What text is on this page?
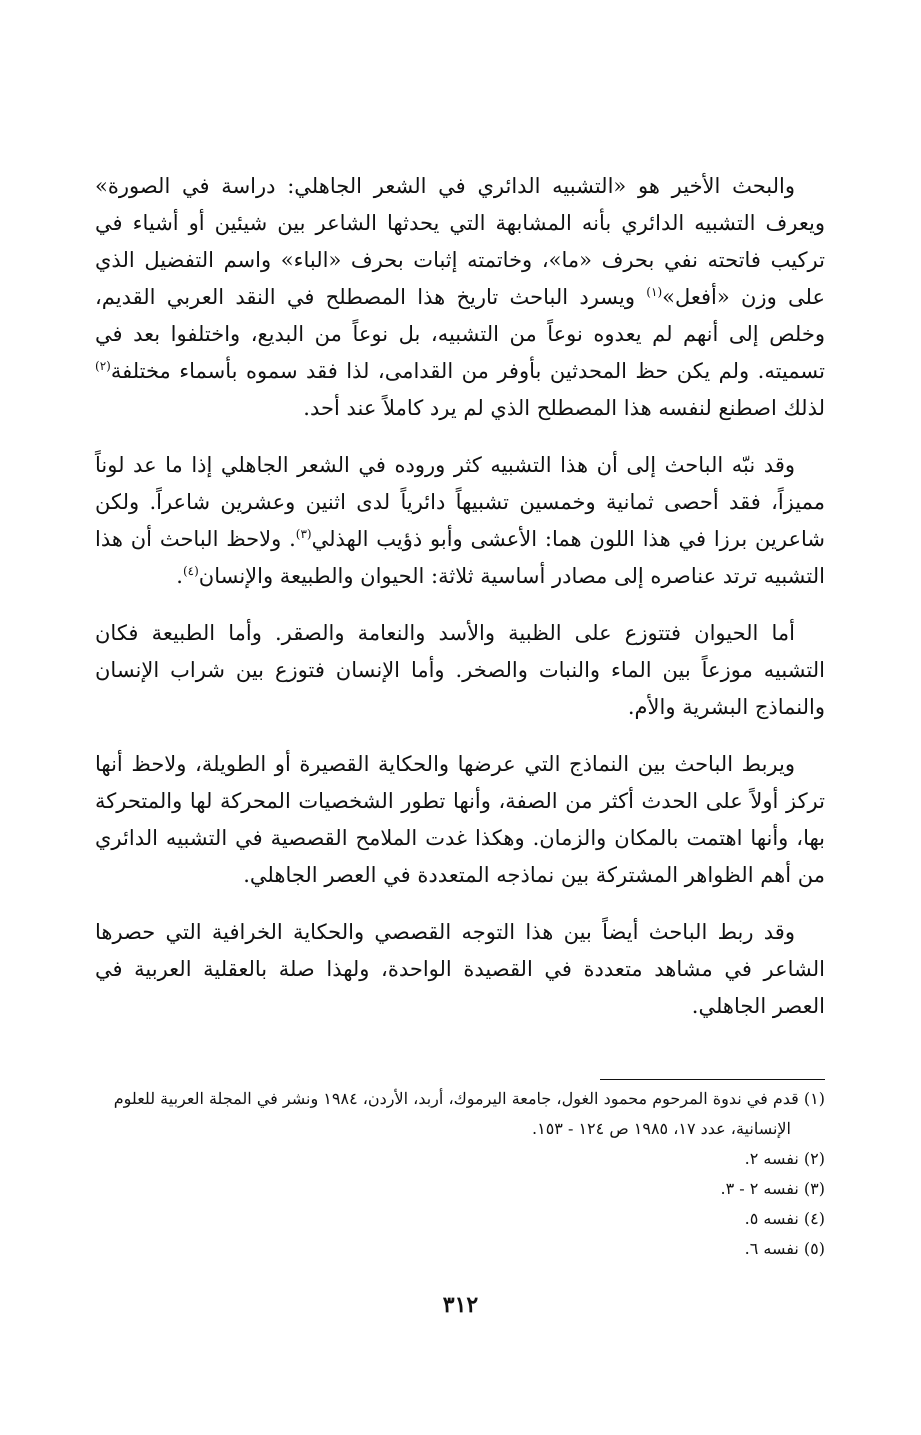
والبحث الأخير هو «التشبيه الدائري في الشعر الجاهلي: دراسة في الصورة» ويعرف التشبيه الدائري بأنه المشابهة التي يحدثها الشاعر بين شيئين أو أشياء في تركيب فاتحته نفي بحرف «ما»، وخاتمته إثبات بحرف «الباء» واسم التفضيل الذي على وزن «أفعل»$^{(١)}$ ويسرد الباحث تاريخ هذا المصطلح في النقد العربي القديم، وخلص إلى أنهم لم يعدوه نوعاً من التشبيه، بل نوعاً من البديع، واختلفوا بعد في تسميته. ولم يكن حظ المحدثين بأوفر من القدامى، لذا فقد سموه بأسماء مختلفة$^{(٢)}$ لذلك اصطنع لنفسه هذا المصطلح الذي لم يرد كاملاً عند أحد.

وقد نبّه الباحث إلى أن هذا التشبيه كثر وروده في الشعر الجاهلي إذا ما عد لوناً مميزاً، فقد أحصى ثمانية وخمسين تشبيهاً دائرياً لدى اثنين وعشرين شاعراً. ولكن شاعرين برزا في هذا اللون هما: الأعشى وأبو ذؤيب الهذلي$^{(٣)}$. ولاحظ الباحث أن هذا التشبيه ترتد عناصره إلى مصادر أساسية ثلاثة: الحيوان والطبيعة والإنسان$^{(٤)}$.

أما الحيوان فتتوزع على الظبية والأسد والنعامة والصقر. وأما الطبيعة فكان التشبيه موزعاً بين الماء والنبات والصخر. وأما الإنسان فتوزع بين شراب الإنسان والنماذج البشرية والأم.

ويربط الباحث بين النماذج التي عرضها والحكاية القصيرة أو الطويلة، ولاحظ أنها تركز أولاً على الحدث أكثر من الصفة، وأنها تطور الشخصيات المحركة لها والمتحركة بها، وأنها اهتمت بالمكان والزمان. وهكذا غدت الملامح القصصية في التشبيه الدائري من أهم الظواهر المشتركة بين نماذجه المتعددة في العصر الجاهلي.

وقد ربط الباحث أيضاً بين هذا التوجه القصصي والحكاية الخرافية التي حصرها الشاعر في مشاهد متعددة في القصيدة الواحدة، ولهذا صلة بالعقلية العربية في العصر الجاهلي.

(١) قدم في ندوة المرحوم محمود الغول، جامعة اليرموك، أربد، الأردن، ١٩٨٤ ونشر في المجلة العربية للعلوم الإنسانية، عدد ١٧، ١٩٨٥ ص ١٢٤ - ١٥٣.

(٢) نفسه ٢.

(٣) نفسه ٢ - ٣.

(٤) نفسه ٥.

(٥) نفسه ٦.

٣١٢
